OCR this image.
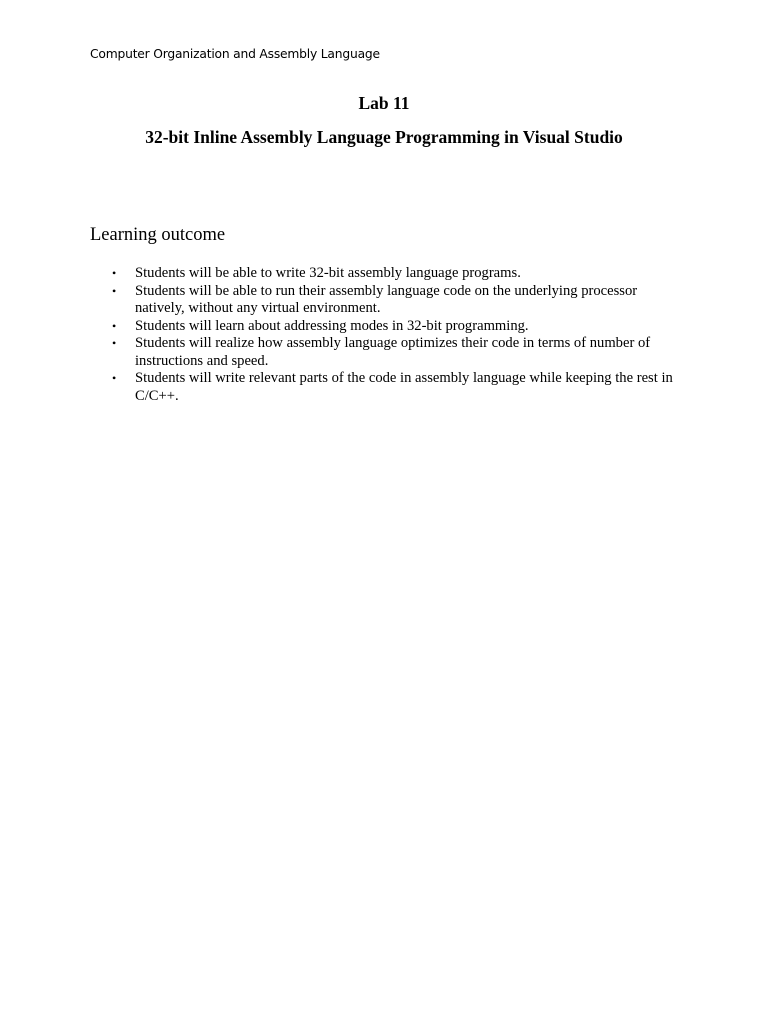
Computer Organization and Assembly Language
Lab 11
32-bit Inline Assembly Language Programming in Visual Studio
Learning outcome
• Students will be able to write 32-bit assembly language programs.
• Students will be able to run their assembly language code on the underlying processor natively, without any virtual environment.
• Students will learn about addressing modes in 32-bit programming.
• Students will realize how assembly language optimizes their code in terms of number of instructions and speed.
• Students will write relevant parts of the code in assembly language while keeping the rest in C/C++.
